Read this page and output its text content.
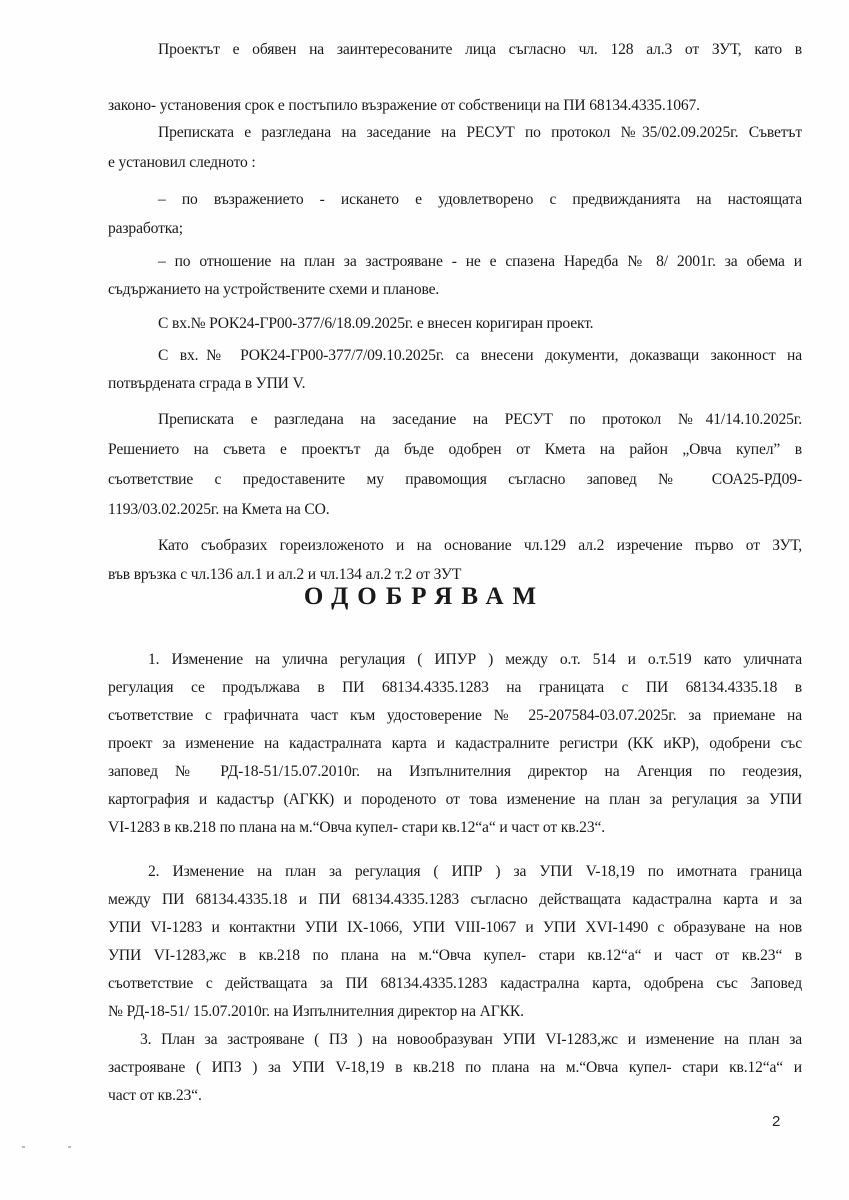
Проектът е обявен на заинтересованите лица съгласно чл. 128 ал.3 от ЗУТ, като в
законо- установения срок е постъпило възражение от собственици на ПИ 68134.4335.1067.
Преписката е разгледана на заседание на РЕСУТ по протокол №35/02.09.2025г. Съветът
е установил следното :
– по възражението - искането е удовлетворено с предвижданията на настоящата
разработка;
– по отношение на план за застрояване - не е спазена Наредба № 8/ 2001г. за обема и
съдържанието на устройствените схеми и планове.
С вх.№ РОК24-ГР00-377/6/18.09.2025г. е внесен коригиран проект.
С вх.№ РОК24-ГР00-377/7/09.10.2025г. са внесени документи, доказващи законност на
потвърдената сграда в УПИ V.
Преписката е разгледана на заседание на РЕСУТ по протокол №41/14.10.2025г.
Решението на съвета е проектът да бъде одобрен от Кмета на район „Овча купел” в
съответствие с предоставените му правомощия съгласно заповед № СОА25-РД09-
1193/03.02.2025г. на Кмета на СО.
Като съобразих гореизложеното и на основание чл.129 ал.2 изречение първо от ЗУТ,
във връзка с чл.136 ал.1 и ал.2 и чл.134 ал.2 т.2 от ЗУТ
ОДОБРЯВАМ
1. Изменение на улична регулация ( ИПУР ) между о.т. 514 и о.т.519 като уличната
регулация се продължава в ПИ 68134.4335.1283 на границата с ПИ 68134.4335.18 в
съответствие с графичната част към удостоверение № 25-207584-03.07.2025г. за приемане на
проект за изменение на кадастралната карта и кадастралните регистри (КК иКР), одобрени със
заповед № РД-18-51/15.07.2010г. на Изпълнителния директор на Агенция по геодезия,
картография и кадастър (АГКК) и породеното от това изменение на план за регулация за УПИ
VI-1283 в кв.218 по плана на м.“Овча купел- стари кв.12“а“ и част от кв.23“.
2. Изменение на план за регулация ( ИПР ) за УПИ V-18,19 по имотната граница
между ПИ 68134.4335.18 и ПИ 68134.4335.1283 съгласно действащата кадастрална карта и за
УПИ VI-1283 и контактни УПИ IX-1066, УПИ VIII-1067 и УПИ XVI-1490 с образуване на нов
УПИ VI-1283,жс в кв.218 по плана на м.“Овча купел- стари кв.12“а“ и част от кв.23“ в
съответствие с действащата за ПИ 68134.4335.1283 кадастрална карта, одобрена със Заповед
№ РД-18-51/ 15.07.2010г. на Изпълнителния директор на АГКК.
3. План за застрояване ( ПЗ ) на новообразуван УПИ VI-1283,жс и изменение на план за
застрояване ( ИПЗ ) за УПИ V-18,19 в кв.218 по плана на м.“Овча купел- стари кв.12“а“ и
част от кв.23“.
2
